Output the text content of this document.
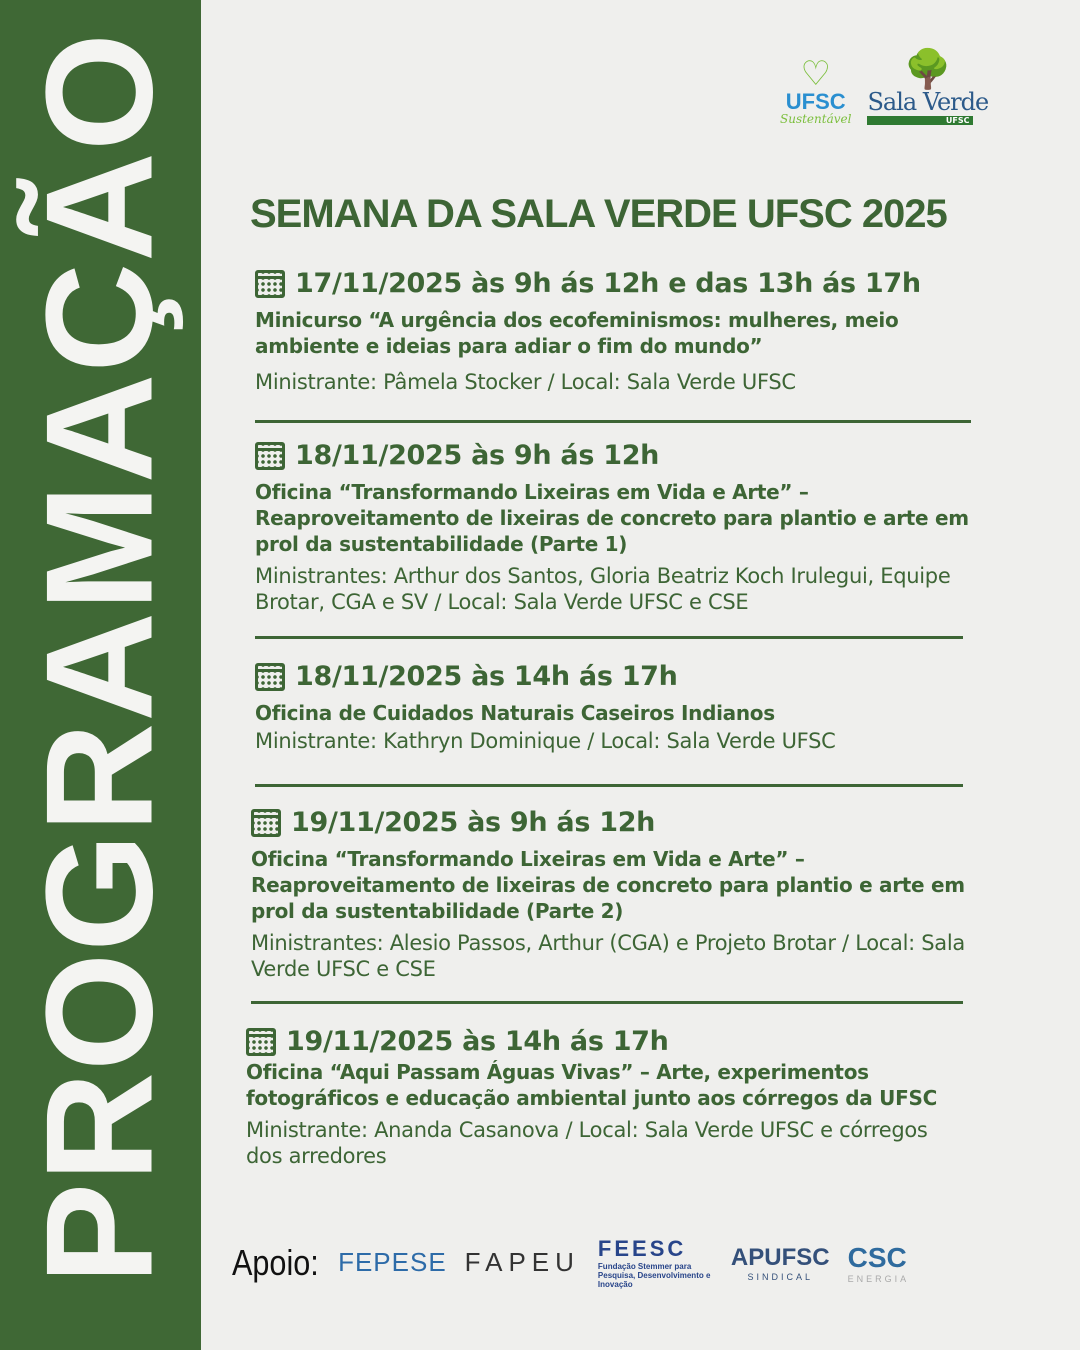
PROGRAMAÇÃO	♡
UFSC
Sustentável
🌳
Sala Verde
UFSC
SEMANA DA SALA VERDE UFSC 2025
17/11/2025 às 9h ás 12h e das 13h ás 17h
Minicurso “A urgência dos ecofeminismos: mulheres, meio ambiente e ideias para adiar o fim do mundo”
Ministrante: Pâmela Stocker / Local: Sala Verde UFSC
18/11/2025 às 9h ás 12h
Oficina “Transformando Lixeiras em Vida e Arte” – Reaproveitamento de lixeiras de concreto para plantio e arte em prol da sustentabilidade (Parte 1)
Ministrantes: Arthur dos Santos, Gloria Beatriz Koch Irulegui, Equipe Brotar, CGA e SV / Local: Sala Verde UFSC e CSE
18/11/2025 às 14h ás 17h
Oficina de Cuidados Naturais Caseiros Indianos
Ministrante: Kathryn Dominique / Local: Sala Verde UFSC
19/11/2025 às 9h ás 12h
Oficina “Transformando Lixeiras em Vida e Arte” – Reaproveitamento de lixeiras de concreto para plantio e arte em prol da sustentabilidade (Parte 2)
Ministrantes: Alesio Passos, Arthur (CGA) e Projeto Brotar / Local: Sala Verde UFSC e CSE
19/11/2025 às 14h ás 17h
Oficina “Aqui Passam Águas Vivas” – Arte, experimentos fotográficos e educação ambiental junto aos córregos da UFSC
Ministrante: Ananda Casanova / Local: Sala Verde UFSC e córregos dos arredores
Apoio: FEPESE FAPEU FEESC
Fundação Stemmer para Pesquisa, Desenvolvimento e Inovação
APUFSC
SINDICAL
CSC
ENERGIA
